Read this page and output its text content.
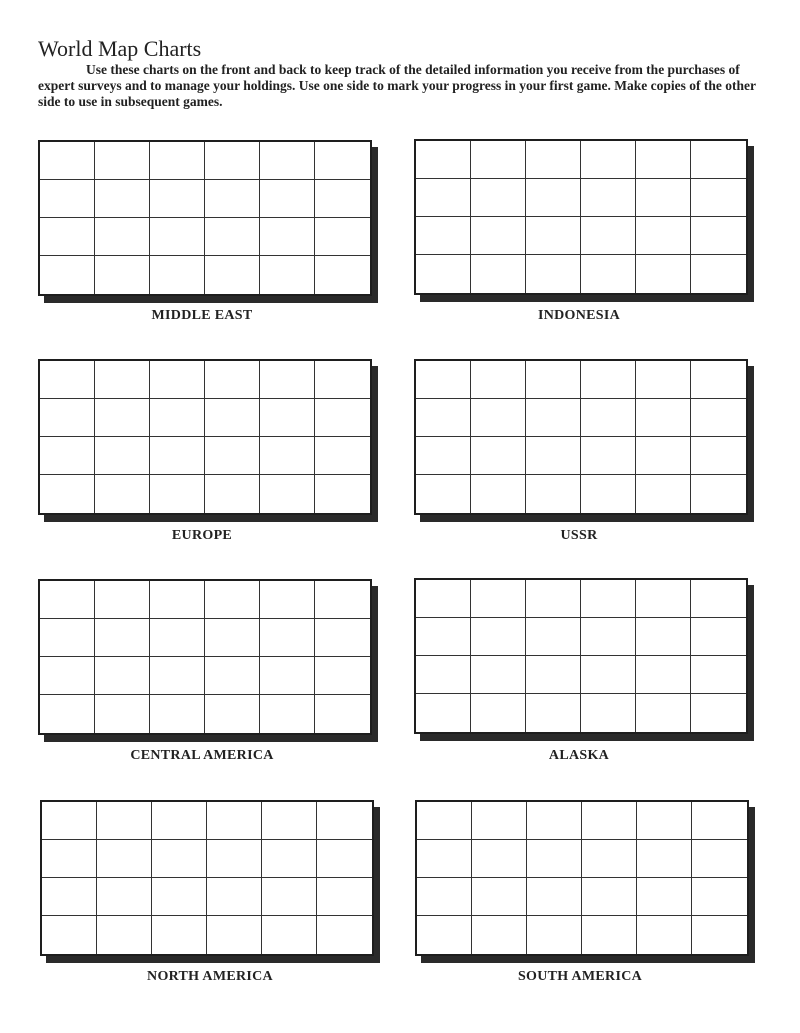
World Map Charts

Use these charts on the front and back to keep track of the detailed information you receive from the purchases of expert surveys and to manage your holdings. Use one side to mark your progress in your first game. Make copies of the other side to use in subsequent games.

MIDDLE EAST	INDONESIA

EUROPE	USSR

CENTRAL AMERICA	ALASKA

NORTH AMERICA	SOUTH AMERICA
